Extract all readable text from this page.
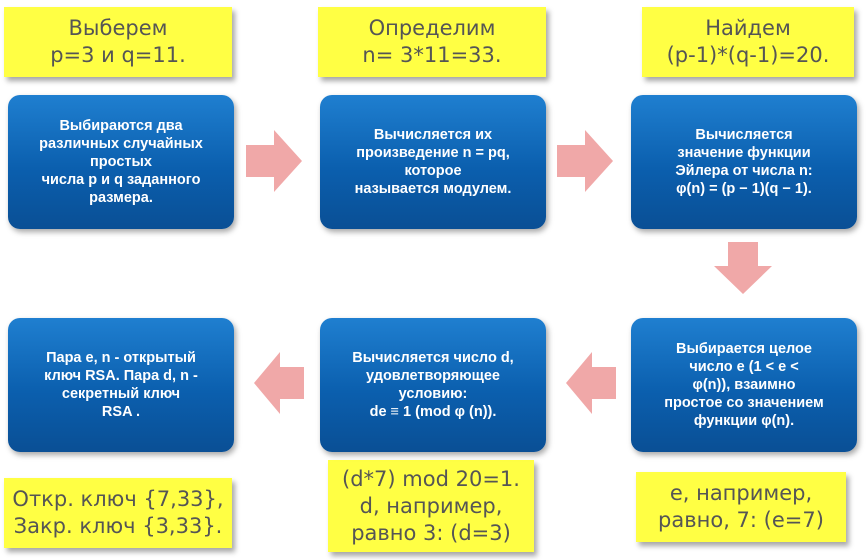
Выберем
p=3 и q=11.
Определим
n= 3*11=33.
Найдем
(p-1)*(q-1)=20.
Откр. ключ {7,33},
Закр. ключ {3,33}.
(d*7) mod 20=1.
d, например,
равно 3: (d=3)
e, например,
равно, 7: (e=7)
Выбираются два
различных случайных
простых
числа p и q заданного
размера.
Вычисляется их
произведение n = pq,
которое
называется модулем.
Вычисляется
значение функции
Эйлера от числа n:
φ(n) = (p − 1)(q − 1).
Выбирается целое
число e (1 < e <
φ(n)), взаимно
простое со значением
функции φ(n).
Вычисляется число d,
удовлетворяющее
условию:
de ≡ 1 (mod φ (n)).
Пара e, n - открытый
ключ RSA. Пара d, n -
секретный ключ
RSA .
